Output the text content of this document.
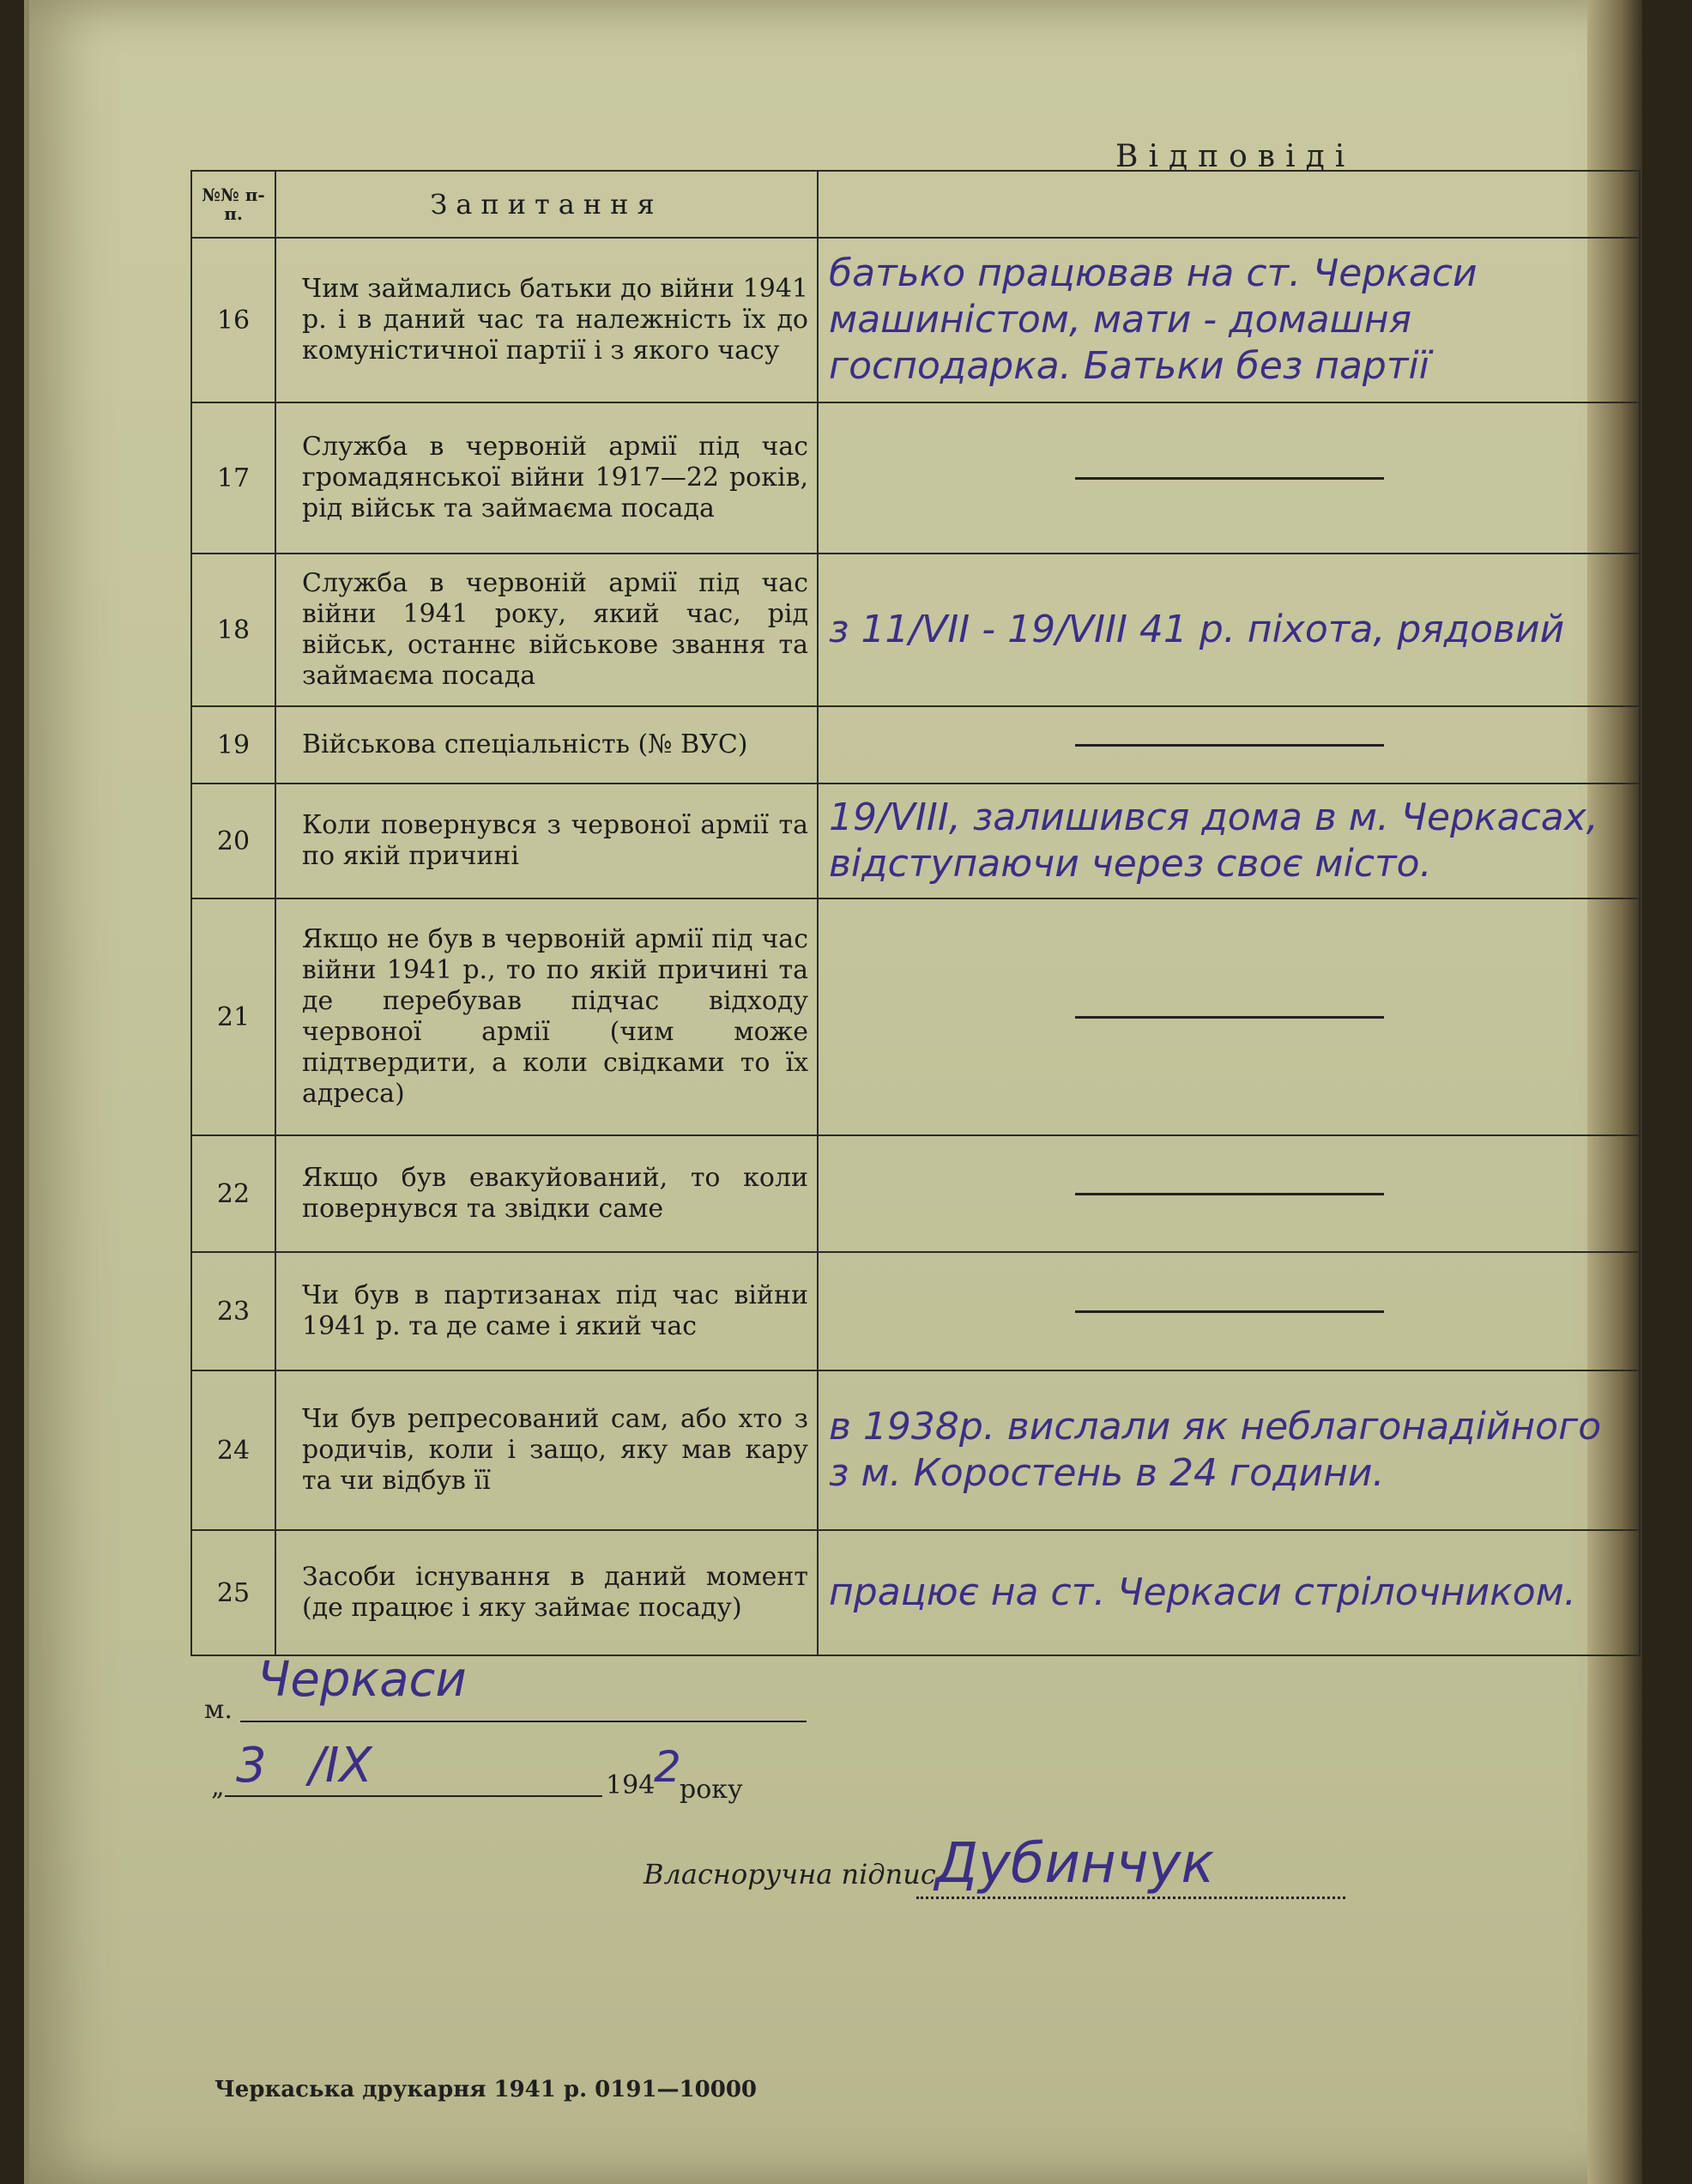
Відповіді
№№ п-п.	Запитання	
16	Чим займались батьки до війни 1941 р. і в даний час та належність їх до комуністичної партії і з якого часу	батько працював на ст. Черкаси машиністом, мати - домашня господарка. Батьки без партії
17	Служба в червоній армії під час громадянської війни 1917—22 років, рід військ та займаєма посада	

18	Служба в червоній армії під час війни 1941 року, який час, рід військ, останнє військове звання та займаєма посада	з 11/VII - 19/VIII 41 р. піхота, рядовий
19	Військова спеціальність (№ ВУС)	

20	Коли повернувся з червоної армії та по якій причині	19/VIII, залишився дома в м. Черкасах, відступаючи через своє місто.
21	Якщо не був в червоній армії під час війни 1941 р., то по якій причині та де перебував підчас відходу червоної армії (чим може підтвердити, а коли свідками то їх адреса)	

22	Якщо був евакуйований, то коли повернувся та звідки саме	

23	Чи був в партизанах під час війни 1941 р. та де саме і який час	

24	Чи був репресований сам, або хто з родичів, коли і защо, яку мав кару та чи відбув її	в 1938р. вислали як неблагонадійного з м. Коростень в 24 години.
25	Засоби існування в даний момент (де працює і яку займає посаду)	працює на ст. Черкаси стрілочником.
м.
Черкаси
„ 3 /IX	194
2
року
Власноручна підпис Дубинчук
Черкаська друкарня 1941 р. 0191—10000
